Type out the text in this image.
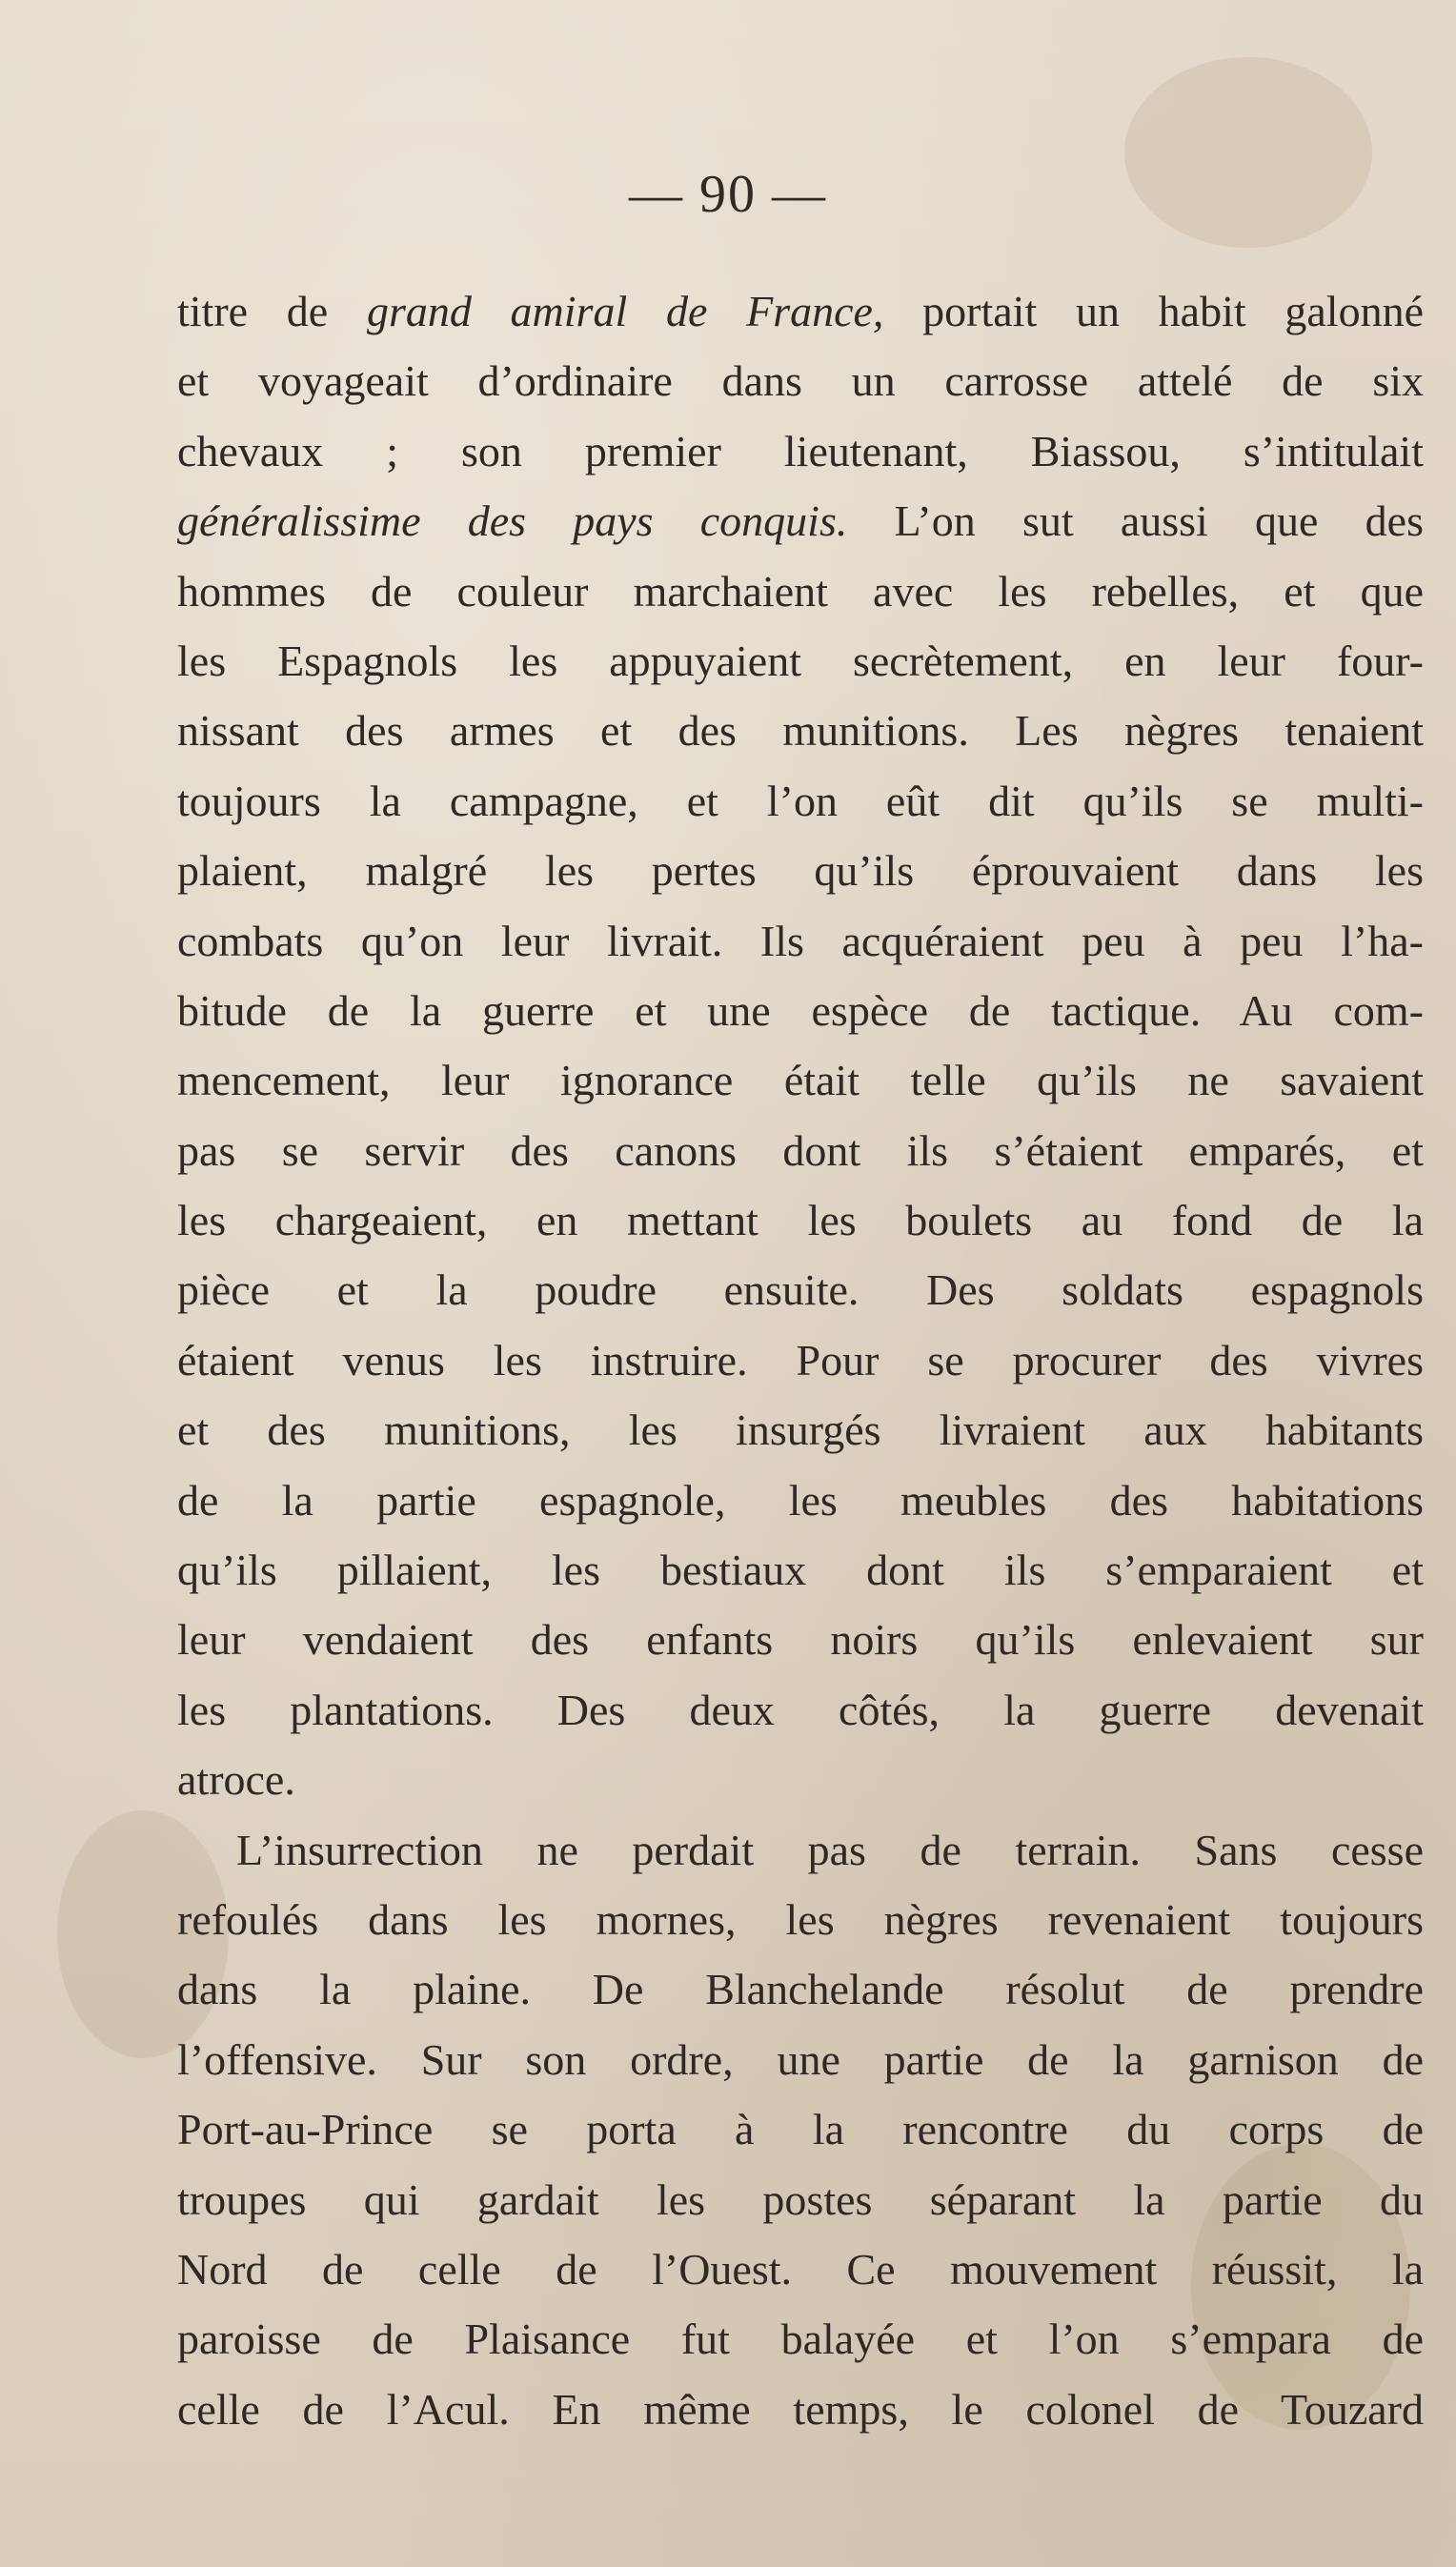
— 90 —
titre de grand amiral de France, portait un habit galonné
et voyageait d’ordinaire dans un carrosse attelé de six
chevaux ; son premier lieutenant, Biassou, s’intitulait
généralissime des pays conquis. L’on sut aussi que des
hommes de couleur marchaient avec les rebelles, et que
les Espagnols les appuyaient secrètement, en leur four-
nissant des armes et des munitions. Les nègres tenaient
toujours la campagne, et l’on eût dit qu’ils se multi-
plaient, malgré les pertes qu’ils éprouvaient dans les
combats qu’on leur livrait. Ils acquéraient peu à peu l’ha-
bitude de la guerre et une espèce de tactique. Au com-
mencement, leur ignorance était telle qu’ils ne savaient
pas se servir des canons dont ils s’étaient emparés, et
les chargeaient, en mettant les boulets au fond de la
pièce et la poudre ensuite. Des soldats espagnols
étaient venus les instruire. Pour se procurer des vivres
et des munitions, les insurgés livraient aux habitants
de la partie espagnole, les meubles des habitations
qu’ils pillaient, les bestiaux dont ils s’emparaient et
leur vendaient des enfants noirs qu’ils enlevaient sur
les plantations. Des deux côtés, la guerre devenait
atroce.
L’insurrection ne perdait pas de terrain. Sans cesse
refoulés dans les mornes, les nègres revenaient toujours
dans la plaine. De Blanchelande résolut de prendre
l’offensive. Sur son ordre, une partie de la garnison de
Port-au-Prince se porta à la rencontre du corps de
troupes qui gardait les postes séparant la partie du
Nord de celle de l’Ouest. Ce mouvement réussit, la
paroisse de Plaisance fut balayée et l’on s’empara de
celle de l’Acul. En même temps, le colonel de Touzard
